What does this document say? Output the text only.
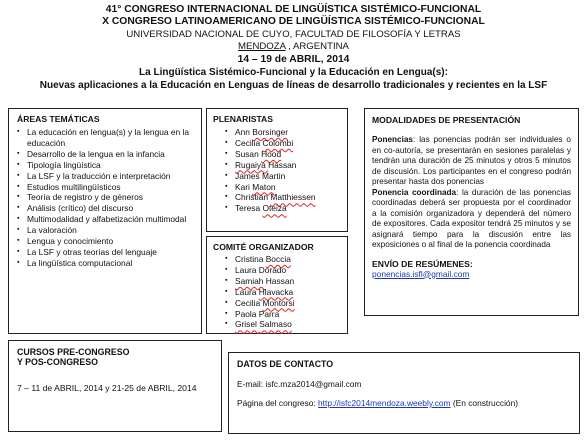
41° CONGRESO INTERNACIONAL DE LINGÜÍSTICA SISTÉMICO-FUNCIONAL
X CONGRESO LATINOAMERICANO DE LINGÜÍSTICA SISTÉMICO-FUNCIONAL
UNIVERSIDAD NACIONAL DE CUYO, FACULTAD DE FILOSOFÍA Y LETRAS
MENDOZA , ARGENTINA
14 – 19 de ABRIL, 2014
La Lingüística Sistémico-Funcional y la Educación en Lengua(s):
Nuevas aplicaciones a la Educación en Lenguas de líneas de desarrollo tradicionales y recientes en la LSF
ÁREAS TEMÁTICAS
▪ La educación en lengua(s) y la lengua en la educación
▪ Desarrollo de la lengua en la infancia
▪ Tipología lingüística
▪ La LSF y la traducción e interpretación
▪ Estudios multilingüísticos
▪ Teoría de registro y de géneros
▪ Análisis (crítico) del discurso
▪ Multimodalidad y alfabetización multimodal
▪ La valoración
▪ Lengua y conocimiento
▪ La LSF y otras teorías del lenguaje
▪ La lingüística computacional
PLENARISTAS
▪ Ann Borsinger
▪ Cecilia Colombi
▪ Susan Hood
▪ Rugaiya Hassan
▪ James Martin
▪ Kari Maton
▪ Christian Matthiessen
▪ Teresa Oteiza
COMITÉ ORGANIZADOR
▪ Cristina Boccia
▪ Laura Dorado
▪ Samiah Hassan
▪ Laura Hlavacka
▪ Cecilia Montorsi
▪ Paola Parra
▪ Grisel Salmaso
MODALIDADES DE PRESENTACIÓN

Ponencias: las ponencias podrán ser individuales o en co-autoría, se presentarán en sesiones paralelas y tendrán una duración de 25 minutos y otros 5 minutos de discusión. Los participantes en el congreso podrán presentar hasta dos ponencias

Ponencia coordinada: la duración de las ponencias coordinadas deberá ser propuesta por el coordinador a la comisión organizadora y dependerá del número de expositores. Cada expositor tendrá 25 minutos y se asignará tiempo para la discusión entre las exposiciones o al final de la ponencia coordinada

ENVÍO DE RESÚMENES:
ponencias.isfl@gmail.com
CURSOS PRE-CONGRESO
Y POS-CONGRESO
7 – 11 de ABRIL, 2014 y 21-25 de ABRIL, 2014
DATOS DE CONTACTO
E-mail: isfc.mza2014@gmail.com
Página del congreso: http://isfc2014mendoza.weebly.com (En construcción)
